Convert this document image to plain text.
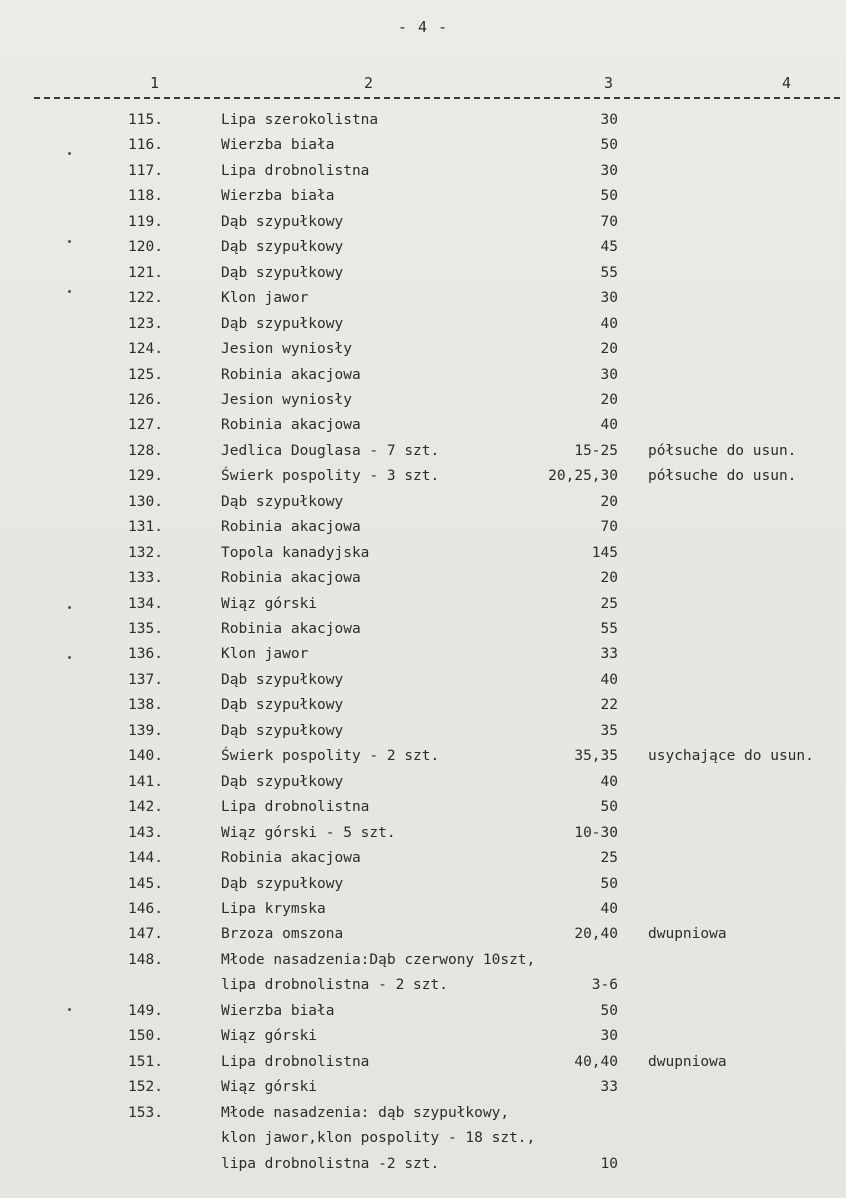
- 4 -
1	2	3	4
115.	Lipa szerokolistna	30
116.	Wierzba biała	50
117.	Lipa drobnolistna	30
118.	Wierzba biała	50
119.	Dąb szypułkowy	70
120.	Dąb szypułkowy	45
121.	Dąb szypułkowy	55
122.	Klon jawor	30
123.	Dąb szypułkowy	40
124.	Jesion wyniosły	20
125.	Robinia akacjowa	30
126.	Jesion wyniosły	20
127.	Robinia akacjowa	40
128.	Jedlica Douglasa - 7 szt.	15-25 półsuche do usun.
129.	Świerk pospolity - 3 szt.	20,25,30 półsuche do usun.
130.	Dąb szypułkowy	20
131.	Robinia akacjowa	70
132.	Topola kanadyjska	145
133.	Robinia akacjowa	20
134.	Wiąz górski	25
135.	Robinia akacjowa	55
136.	Klon jawor	33
137.	Dąb szypułkowy	40
138.	Dąb szypułkowy	22
139.	Dąb szypułkowy	35
140.	Świerk pospolity - 2 szt.	35,35 usychające do usun.
141.	Dąb szypułkowy	40
142.	Lipa drobnolistna	50
143.	Wiąz górski - 5 szt.	10-30
144.	Robinia akacjowa	25
145.	Dąb szypułkowy	50
146.	Lipa krymska	40
147.	Brzoza omszona	20,40 dwupniowa
148.	Młode nasadzenia:Dąb czerwony 10szt,
lipa drobnolistna - 2 szt.	3-6
149.	Wierzba biała	50
150.	Wiąz górski	30
151.	Lipa drobnolistna	40,40 dwupniowa
152.	Wiąz górski	33
153.	Młode nasadzenia: dąb szypułkowy,
klon jawor,klon pospolity - 18 szt.,
lipa drobnolistna -2 szt.	10
